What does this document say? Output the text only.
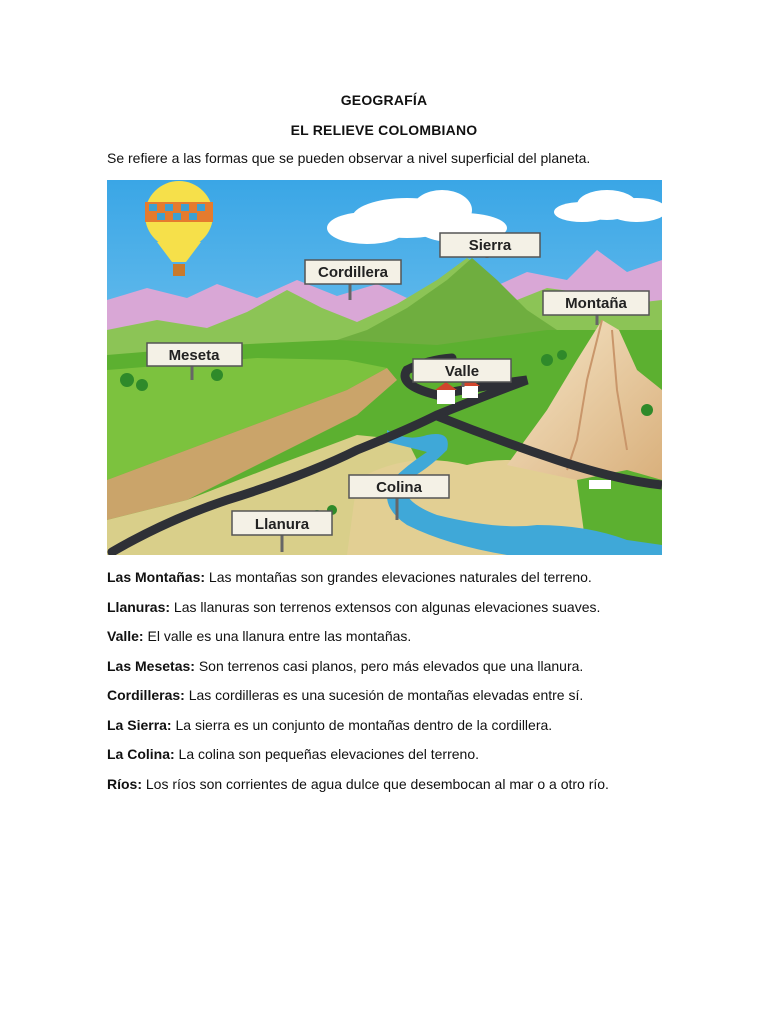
GEOGRAFÍA
EL RELIEVE COLOMBIANO
Se refiere a las formas que se pueden observar a nivel superficial del planeta.
Sierra
Cordillera
Montaña
Meseta
Valle
Colina
Llanura
Las Montañas: Las montañas son grandes elevaciones naturales del terreno.
Llanuras: Las llanuras son terrenos extensos con algunas elevaciones suaves.
Valle: El valle es una llanura entre las montañas.
Las Mesetas: Son terrenos casi planos, pero más elevados que una llanura.
Cordilleras: Las cordilleras es una sucesión de montañas elevadas entre sí.
La Sierra: La sierra es un conjunto de montañas dentro de la cordillera.
La Colina: La colina son pequeñas elevaciones del terreno.
Ríos: Los ríos son corrientes de agua dulce que desembocan al mar o a otro río.
